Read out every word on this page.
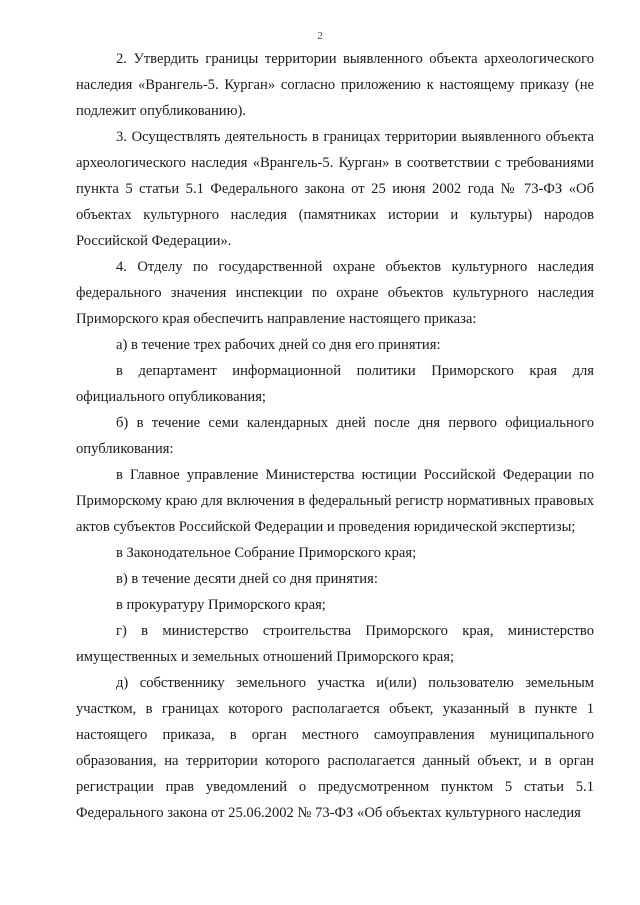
2

2. Утвердить границы территории выявленного объекта археологического наследия «Врангель-5. Курган» согласно приложению к настоящему приказу (не подлежит опубликованию).

3. Осуществлять деятельность в границах территории выявленного объекта археологического наследия «Врангель-5. Курган» в соответствии с требованиями пункта 5 статьи 5.1 Федерального закона от 25 июня 2002 года № 73-ФЗ «Об объектах культурного наследия (памятниках истории и культуры) народов Российской Федерации».

4. Отделу по государственной охране объектов культурного наследия федерального значения инспекции по охране объектов культурного наследия Приморского края обеспечить направление настоящего приказа:

а) в течение трех рабочих дней со дня его принятия:

в департамент информационной политики Приморского края для официального опубликования;

б) в течение семи календарных дней после дня первого официального опубликования:

в Главное управление Министерства юстиции Российской Федерации по Приморскому краю для включения в федеральный регистр нормативных правовых актов субъектов Российской Федерации и проведения юридической экспертизы;

в Законодательное Собрание Приморского края;

в) в течение десяти дней со дня принятия:

в прокуратуру Приморского края;

г) в министерство строительства Приморского края, министерство имущественных и земельных отношений Приморского края;

д) собственнику земельного участка и(или) пользователю земельным участком, в границах которого располагается объект, указанный в пункте 1 настоящего приказа, в орган местного самоуправления муниципального образования, на территории которого располагается данный объект, и в орган регистрации прав уведомлений о предусмотренном пунктом 5 статьи 5.1 Федерального закона от 25.06.2002 № 73-ФЗ «Об объектах культурного наследия
